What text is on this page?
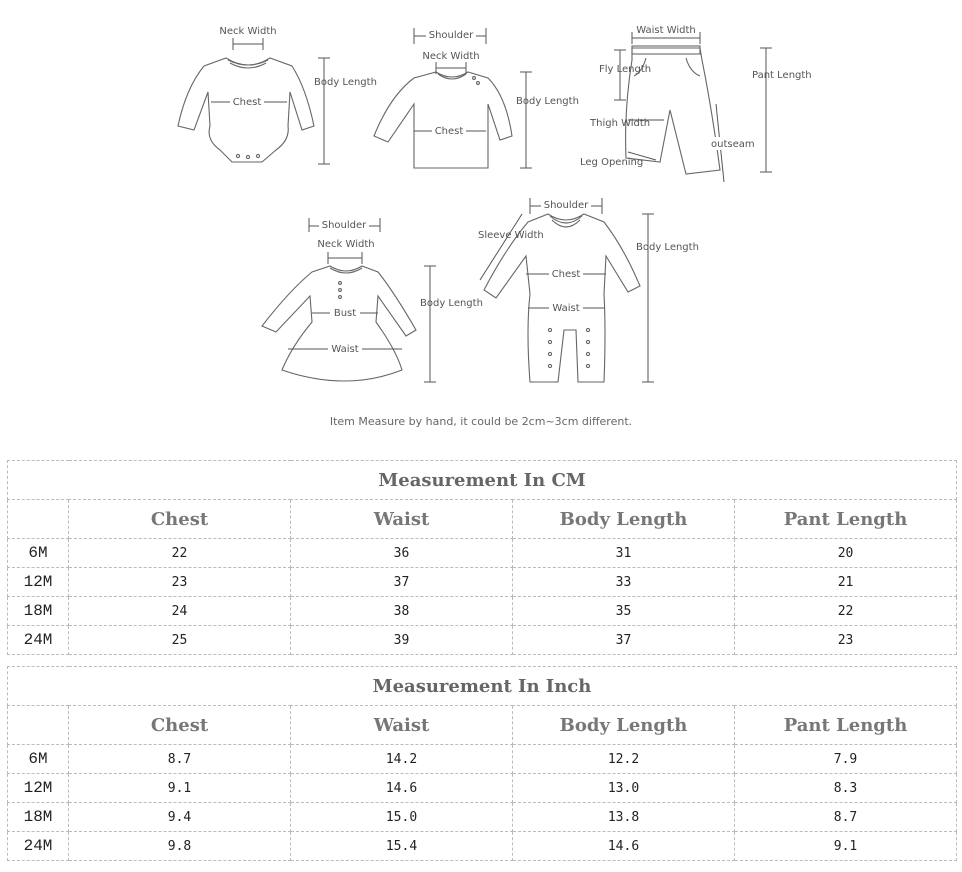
Neck Width
Chest
Body Length
Shoulder
Neck Width
Chest
Body Length
Waist Width
Fly Length
Pant Length
Thigh Width
outseam
Leg Opening
Shoulder
Neck Width
Bust
Waist
Body Length
Shoulder
Sleeve Width
Chest
Waist
Body Length
Item Measure by hand, it could be 2cm~3cm different.
Measurement In CM				
	Chest	Waist	Body Length	Pant Length
6M	22	36	31	20
12M	23	37	33	21
18M	24	38	35	22
24M	25	39	37	23
Measurement In Inch				
	Chest	Waist	Body Length	Pant Length
6M	8.7	14.2	12.2	7.9
12M	9.1	14.6	13.0	8.3
18M	9.4	15.0	13.8	8.7
24M	9.8	15.4	14.6	9.1
